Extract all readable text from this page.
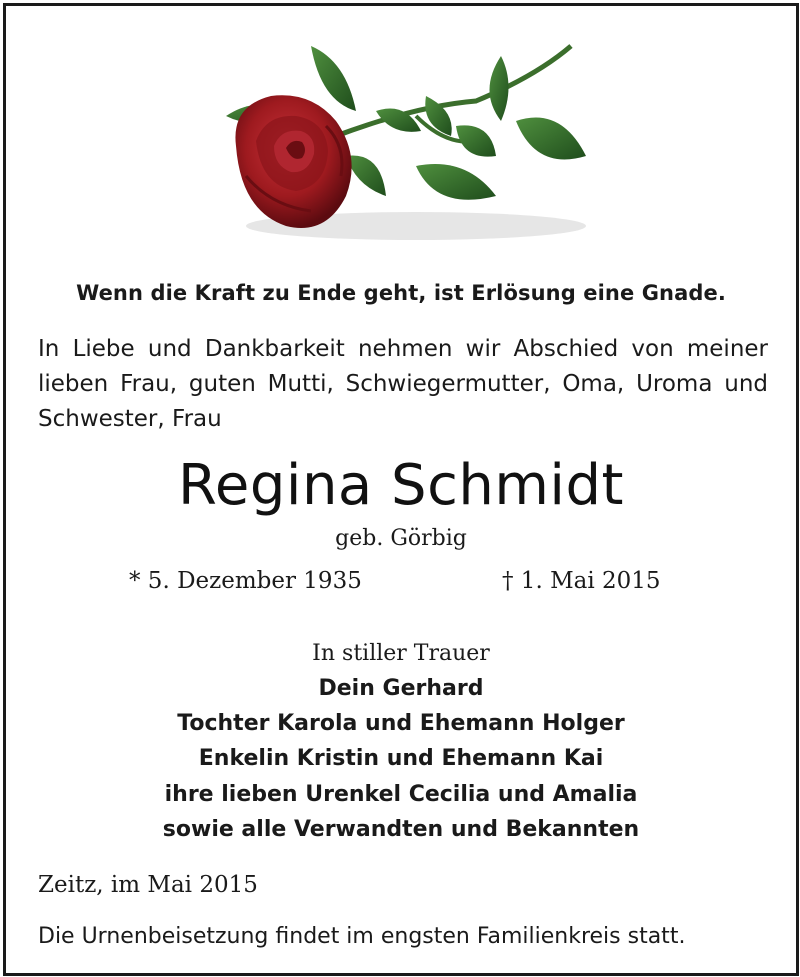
Wenn die Kraft zu Ende geht, ist Erlösung eine Gnade.
In Liebe und Dankbarkeit nehmen wir Abschied von meiner lieben Frau, guten Mutti, Schwiegermutter, Oma, Uroma und Schwester, Frau
Regina Schmidt
geb. Görbig
* 5. Dezember 1935	† 1. Mai 2015
In stiller Trauer
Dein Gerhard
Tochter Karola und Ehemann Holger
Enkelin Kristin und Ehemann Kai
ihre lieben Urenkel Cecilia und Amalia
sowie alle Verwandten und Bekannten
Zeitz, im Mai 2015
Die Urnenbeisetzung findet im engsten Familienkreis statt.
